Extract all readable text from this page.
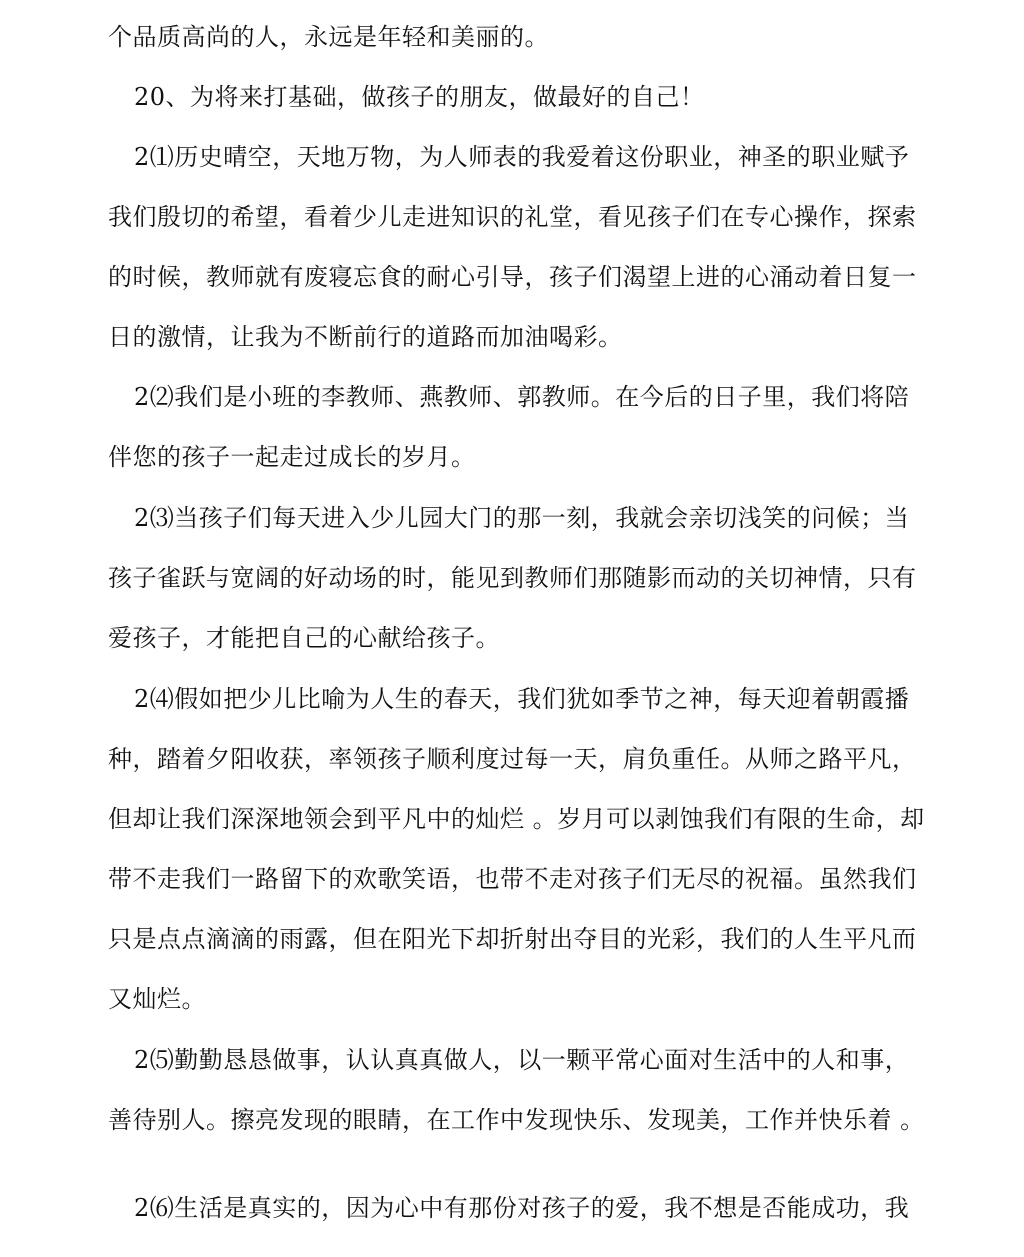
个品质高尚的人，永远是年轻和美丽的。
20、为将来打基础，做孩子的朋友，做最好的自己！
2⑴历史晴空，天地万物，为人师表的我爱着这份职业，神圣的职业赋予
我们殷切的希望，看着少儿走进知识的礼堂，看见孩子们在专心操作，探索
的时候，教师就有废寝忘食的耐心引导，孩子们渴望上进的心涌动着日复一
日的激情，让我为不断前行的道路而加油喝彩。
2⑵我们是小班的李教师、燕教师、郭教师。在今后的日子里，我们将陪
伴您的孩子一起走过成长的岁月。
2⑶当孩子们每天进入少儿园大门的那一刻，我就会亲切浅笑的问候；当
孩子雀跃与宽阔的好动场的时，能见到教师们那随影而动的关切神情，只有
爱孩子，才能把自己的心献给孩子。
2⑷假如把少儿比喻为人生的春天，我们犹如季节之神，每天迎着朝霞播
种，踏着夕阳收获，率领孩子顺利度过每一天，肩负重任。从师之路平凡，
但却让我们深深地领会到平凡中的灿烂 。岁月可以剥蚀我们有限的生命，却
带不走我们一路留下的欢歌笑语，也带不走对孩子们无尽的祝福。虽然我们
只是点点滴滴的雨露，但在阳光下却折射出夺目的光彩，我们的人生平凡而
又灿烂。
2⑸勤勤恳恳做事，认认真真做人，以一颗平常心面对生活中的人和事，
善待别人。擦亮发现的眼睛，在工作中发现快乐、发现美，工作并快乐着 。
2⑹生活是真实的，因为心中有那份对孩子的爱，我不想是否能成功，我
